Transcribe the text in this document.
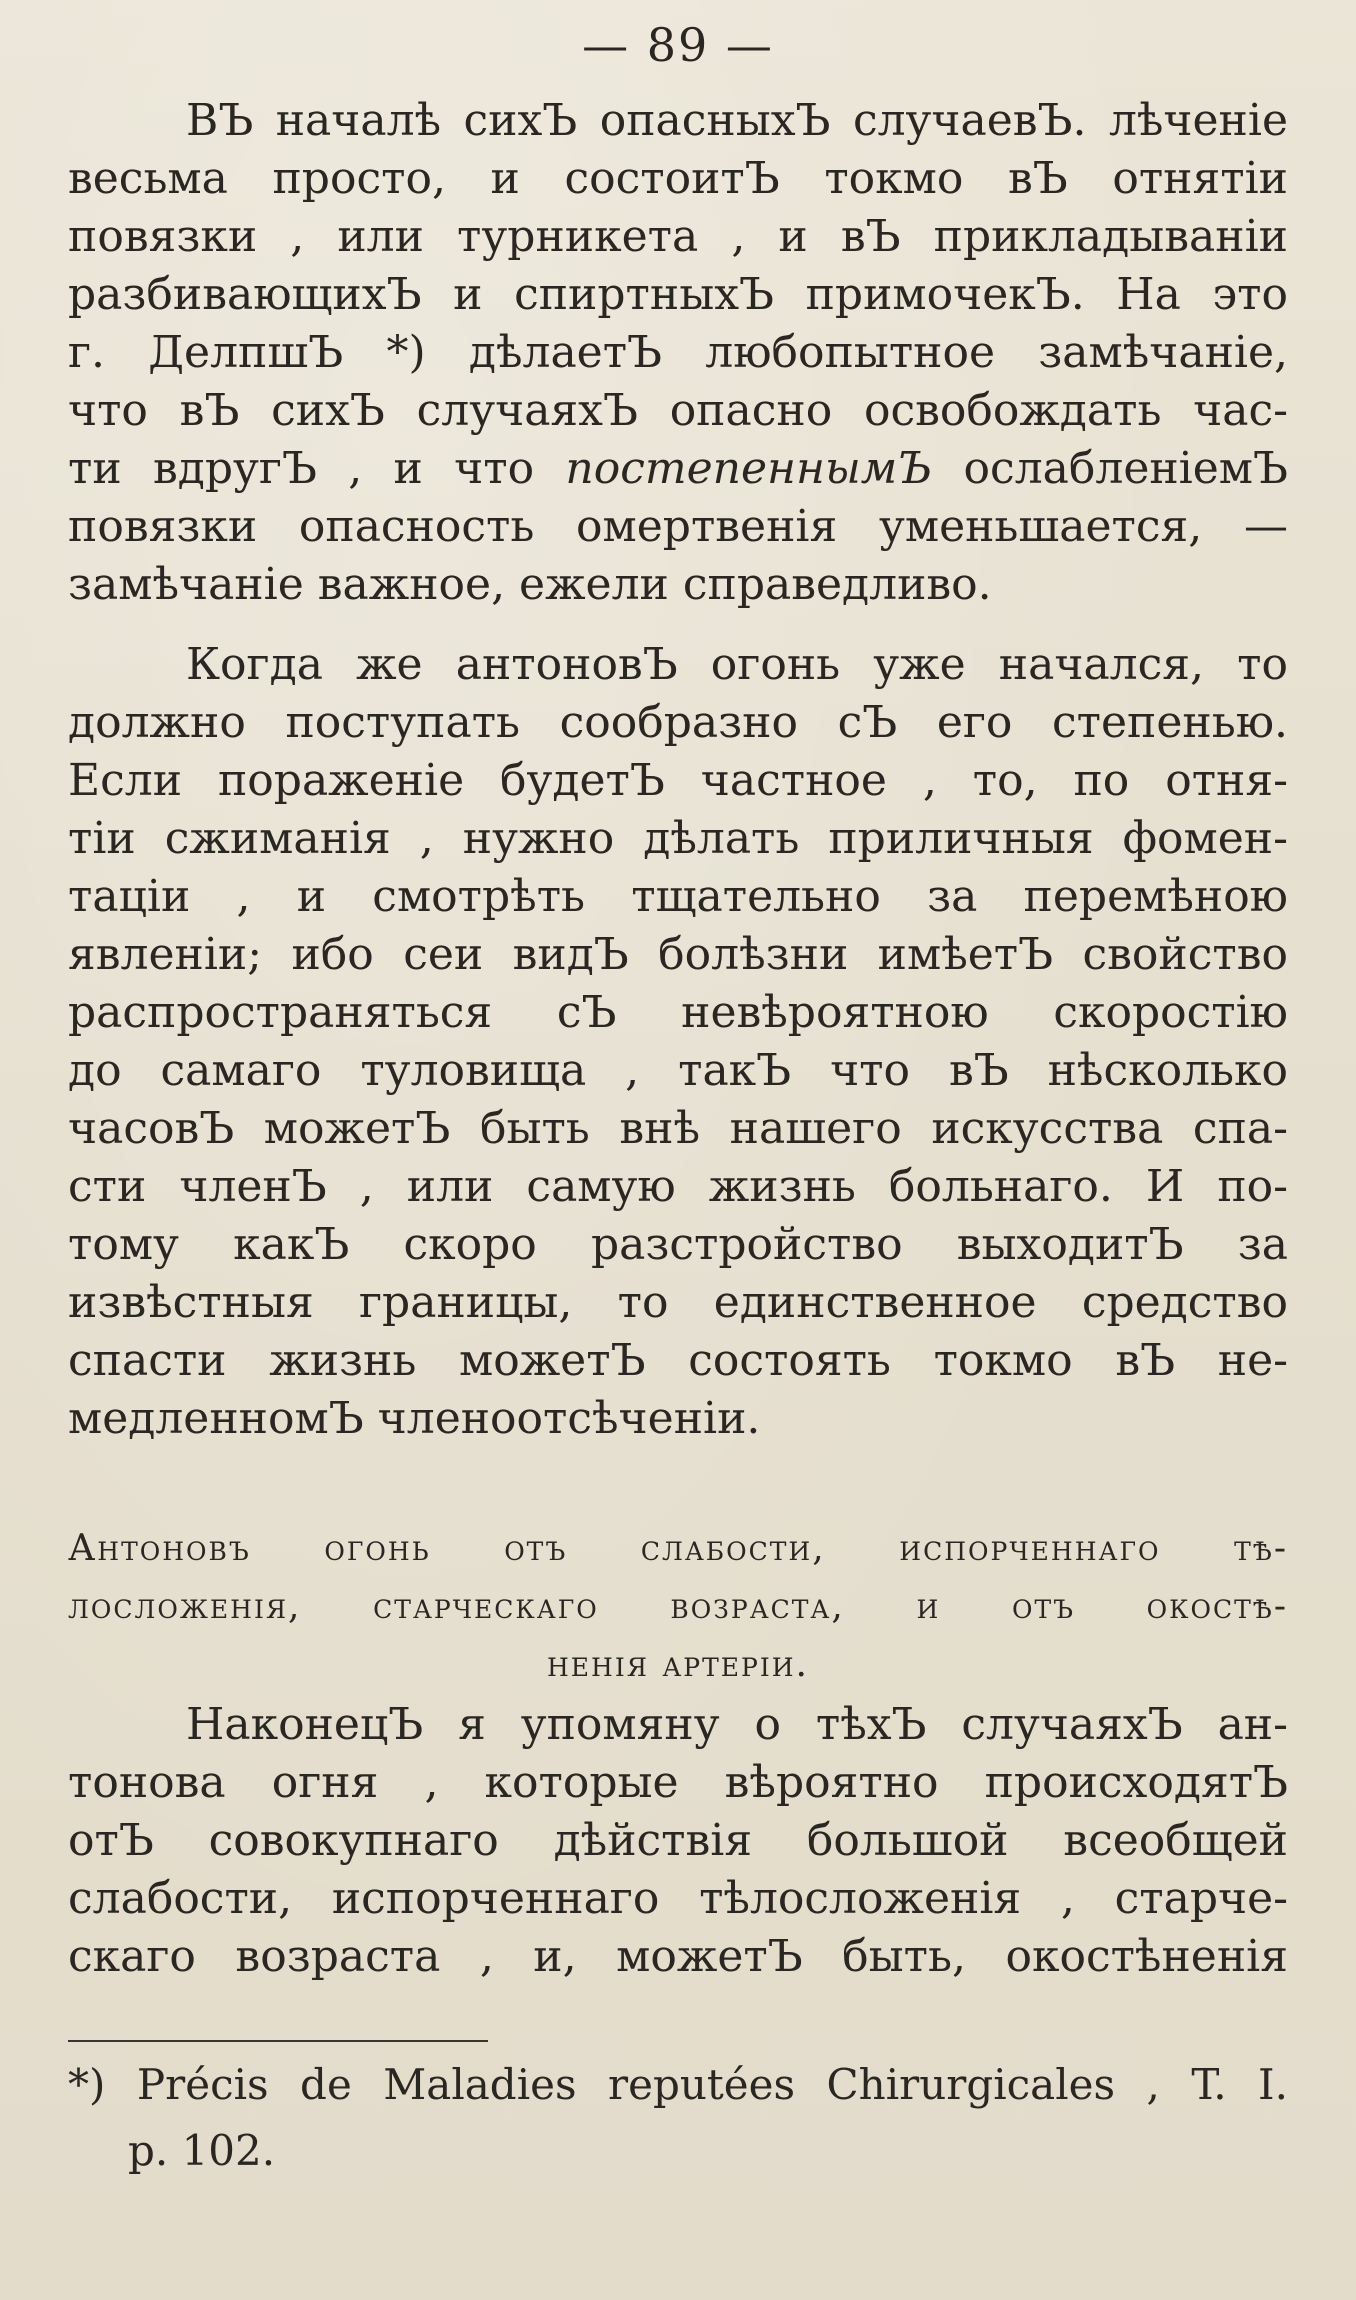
— 89 —
ВЪ началѣ сихЪ опасныхЪ случаевЪ. лѣченіе
весьма просто, и состоитЪ токмо вЪ отнятіи
повязки , или турникета , и вЪ прикладываніи
разбивающихЪ и спиртныхЪ примочекЪ. На это
г. ДелпшЪ *) дѣлаетЪ любопытное замѣчаніе,
что вЪ сихЪ случаяхЪ опасно освобождать час-
ти вдругЪ , и что постепеннымЪ ослабленіемЪ
повязки опасность омертвенія уменьшается, —
замѣчаніе важное, ежели справедливо.
Когда же антоновЪ огонь уже начался, то
должно поступать сообразно сЪ его степенью.
Если пораженіе будетЪ частное , то, по отня-
тіи сжиманія , нужно дѣлать приличныя фомен-
таціи , и смотрѣть тщательно за перемѣною
явленіи; ибо сеи видЪ болѣзни имѣетЪ свойство
распространяться сЪ невѣроятною скоростію
до самаго туловища , такЪ что вЪ нѣсколько
часовЪ можетЪ быть внѣ нашего искусства спа-
сти членЪ , или самую жизнь больнаго. И по-
тому какЪ скоро разстройство выходитЪ за
извѣстныя границы, то единственное средство
спасти жизнь можетЪ состоять токмо вЪ не-
медленномЪ членоотсѣченіи.
Антоновъ огонь отъ слабости, испорченнаго тѣ-
лосложенія, старческаго возраста, и отъ окостѣ-
ненія артеріи.
НаконецЪ я упомяну о тѣхЪ случаяхЪ ан-
тонова огня , которые вѣроятно происходятЪ
отЪ совокупнаго дѣйствія большой всеобщей
слабости, испорченнаго тѣлосложенія , старче-
скаго возраста , и, можетЪ быть, окостѣненія
*) Précis de Maladies reputées Chirurgicales , T. I.
p. 102.
